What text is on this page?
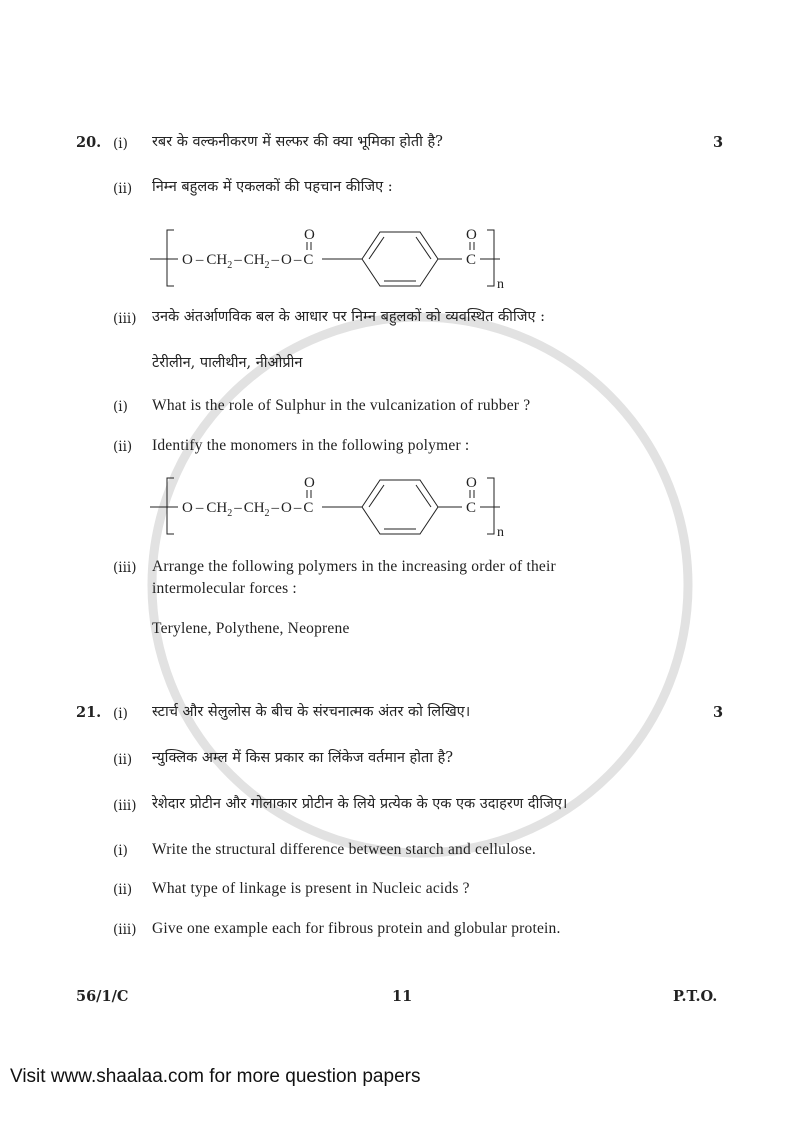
20.	3
(i) रबर के वल्कनीकरण में सल्फर की क्या भूमिका होती है?
(ii) निम्न बहुलक में एकलकों की पहचान कीजिए :
O – $CH_2 - CH_2$ – O – C
O
C
O
n
(iii) उनके अंतर्आणविक बल के आधार पर निम्न बहुलकों को व्यवस्थित कीजिए :
टेरीलीन, पालीथीन, नीओप्रीन
(i) What is the role of Sulphur in the vulcanization of rubber ?
(ii) Identify the monomers in the following polymer :
O – $CH_2 - CH_2$ – O – C
O
C
O
n
(iii) Arrange the following polymers in the increasing order of their
intermolecular forces :
Terylene, Polythene, Neoprene
21.	3
(i) स्टार्च और सेलुलोस के बीच के संरचनात्मक अंतर को लिखिए।
(ii) न्युक्लिक अम्ल में किस प्रकार का लिंकेज वर्तमान होता है?
(iii) रेशेदार प्रोटीन और गोलाकार प्रोटीन के लिये प्रत्येक के एक एक उदाहरण दीजिए।
(i) Write the structural difference between starch and cellulose.
(ii) What type of linkage is present in Nucleic acids ?
(iii) Give one example each for fibrous protein and globular protein.
56/1/C	11	P.T.O.
Visit www.shaalaa.com for more question papers
